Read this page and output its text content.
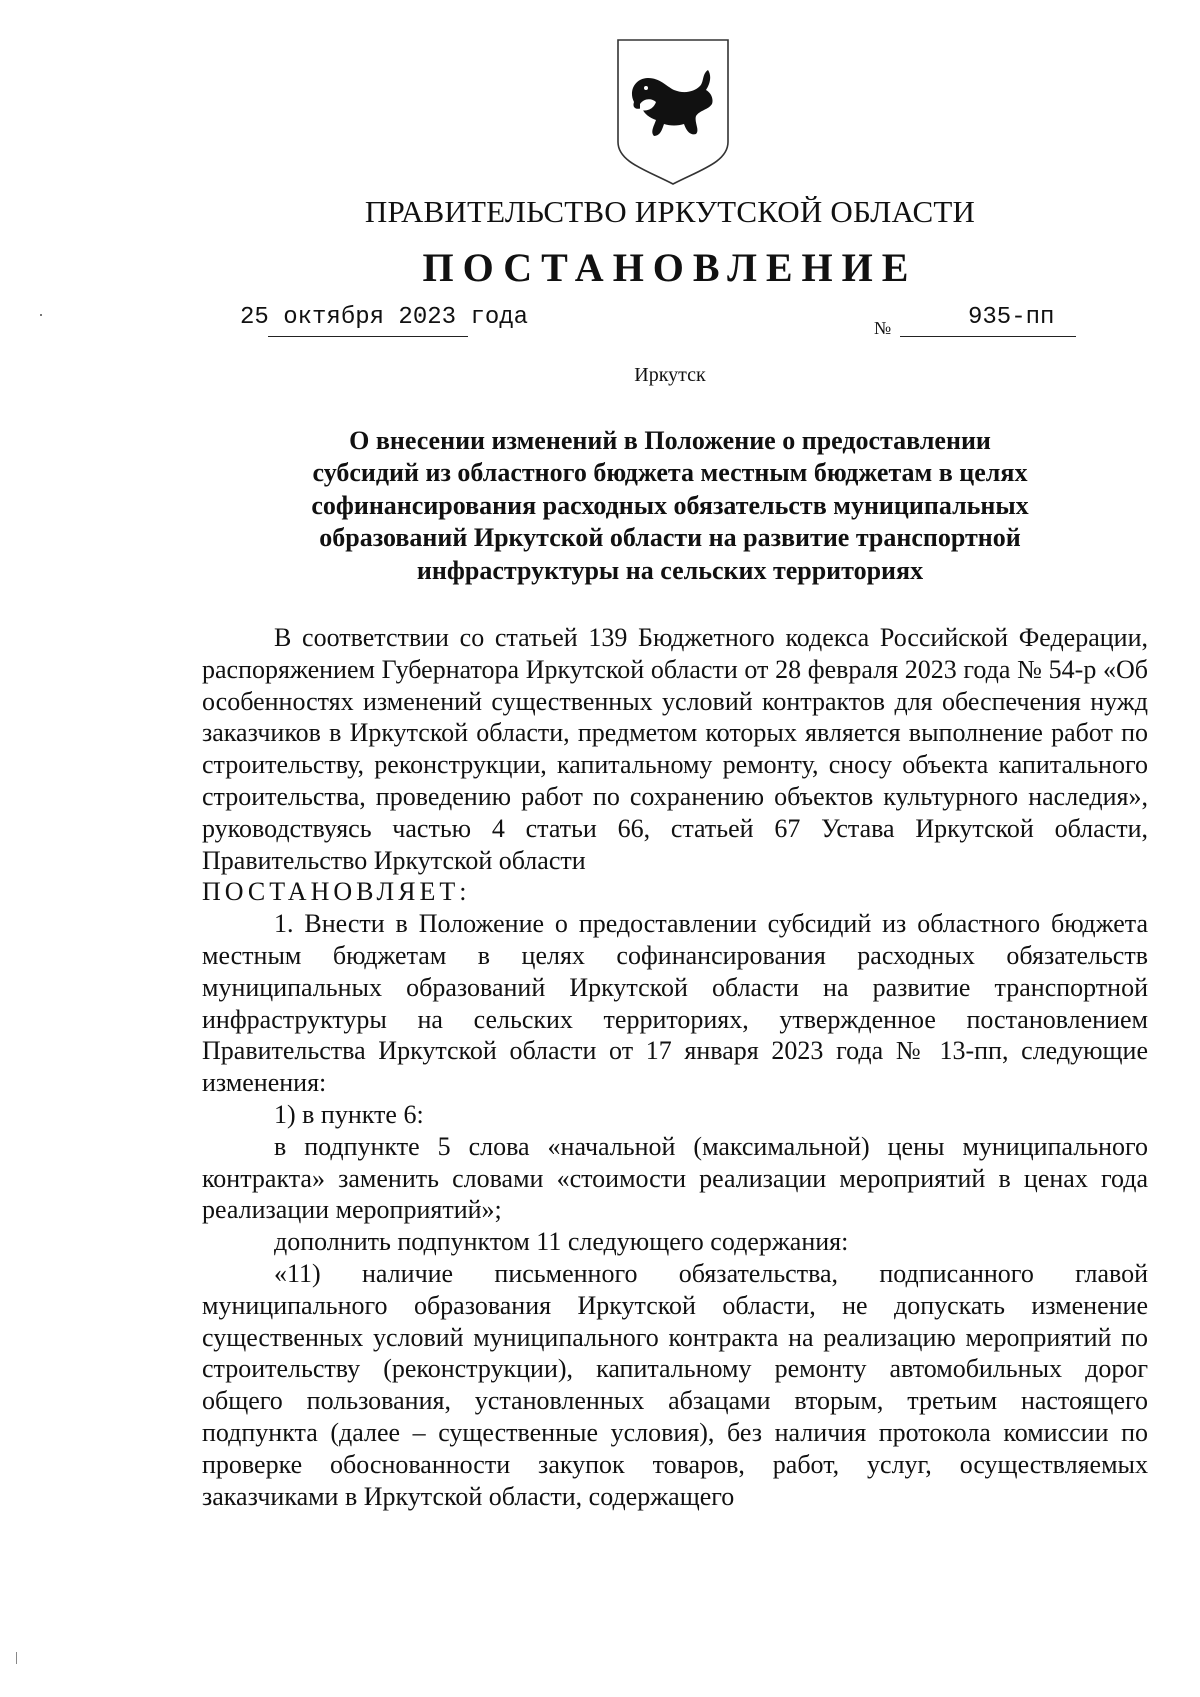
ПРАВИТЕЛЬСТВО ИРКУТСКОЙ ОБЛАСТИ
ПОСТАНОВЛЕНИЕ
25 октября 2023 года	№	935-пп
Иркутск
О внесении изменений в Положение о предоставлении
субсидий из областного бюджета местным бюджетам в целях
софинансирования расходных обязательств муниципальных
образований Иркутской области на развитие транспортной
инфраструктуры на сельских территориях

В соответствии со статьей 139 Бюджетного кодекса Российской Федерации, распоряжением Губернатора Иркутской области от 28 февраля 2023 года № 54-р «Об особенностях изменений существенных условий контрактов для обеспечения нужд заказчиков в Иркутской области, предметом которых является выполнение работ по строительству, реконструкции, капитальному ремонту, сносу объекта капитального строительства, проведению работ по сохранению объектов культурного наследия», руководствуясь частью 4 статьи 66, статьей 67 Устава Иркутской области, Правительство Иркутской области

ПОСТАНОВЛЯЕТ:

1. Внести в Положение о предоставлении субсидий из областного бюджета местным бюджетам в целях софинансирования расходных обязательств муниципальных образований Иркутской области на развитие транспортной инфраструктуры на сельских территориях, утвержденное постановлением Правительства Иркутской области от 17 января 2023 года № 13-пп, следующие изменения:

1) в пункте 6:

в подпункте 5 слова «начальной (максимальной) цены муниципального контракта» заменить словами «стоимости реализации мероприятий в ценах года реализации мероприятий»;

дополнить подпунктом 11 следующего содержания:

«11) наличие письменного обязательства, подписанного главой муниципального образования Иркутской области, не допускать изменение существенных условий муниципального контракта на реализацию мероприятий по строительству (реконструкции), капитальному ремонту автомобильных дорог общего пользования, установленных абзацами вторым, третьим настоящего подпункта (далее – существенные условия), без наличия протокола комиссии по проверке обоснованности закупок товаров, работ, услуг, осуществляемых заказчиками в Иркутской области, содержащего
